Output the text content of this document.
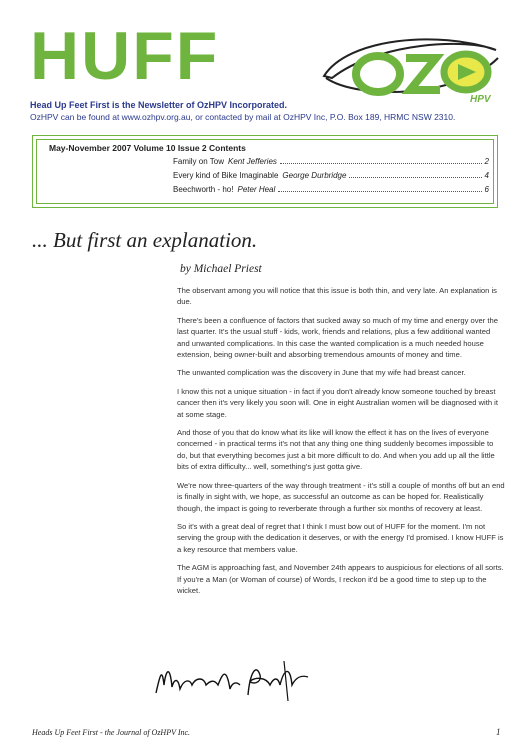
HUFF
HPV
Head Up Feet First is the Newsletter of OzHPV Incorporated.
OzHPV can be found at www.ozhpv.org.au, or contacted by mail at OzHPV Inc, P.O. Box 189, HRMC NSW 2310.
May-November 2007 Volume 10 Issue 2 Contents
Family on Tow Kent Jefferies	2
Every kind of Bike Imaginable George Durbridge	4
Beechworth - ho! Peter Heal	6
... But first an explanation.
by Michael Priest

The observant among you will notice that this issue is both thin, and very late. An explanation is due.

There's been a confluence of factors that sucked away so much of my time and energy over the last quarter. It's the usual stuff - kids, work, friends and relations, plus a few additional wanted and unwanted complications. In this case the wanted complication is a much needed house extension, being owner-built and absorbing tremendous amounts of money and time.

The unwanted complication was the discovery in June that my wife had breast cancer.

I know this not a unique situation - in fact if you don't already know someone touched by breast cancer then it's very likely you soon will. One in eight Australian women will be diagnosed with it at some stage.

And those of you that do know what its like will know the effect it has on the lives of everyone concerned - in practical terms it's not that any thing one thing suddenly becomes impossible to do, but that everything becomes just a bit more difficult to do. And when you add up all the little bits of extra difficulty... well, something's just gotta give.

We're now three-quarters of the way through treatment - it's still a couple of months off but an end is finally in sight with, we hope, as successful an outcome as can be hoped for. Realistically though, the impact is going to reverberate through a further six months of recovery at least.

So it's with a great deal of regret that I think I must bow out of HUFF for the moment. I'm not serving the group with the dedication it deserves, or with the energy I'd promised. I know HUFF is a key resource that members value.

The AGM is approaching fast, and November 24th appears to auspicious for elections of all sorts. If you're a Man (or Woman of course) of Words, I reckon it'd be a good time to step up to the wicket.

Heads Up Feet First - the Journal of OzHPV Inc.	1
